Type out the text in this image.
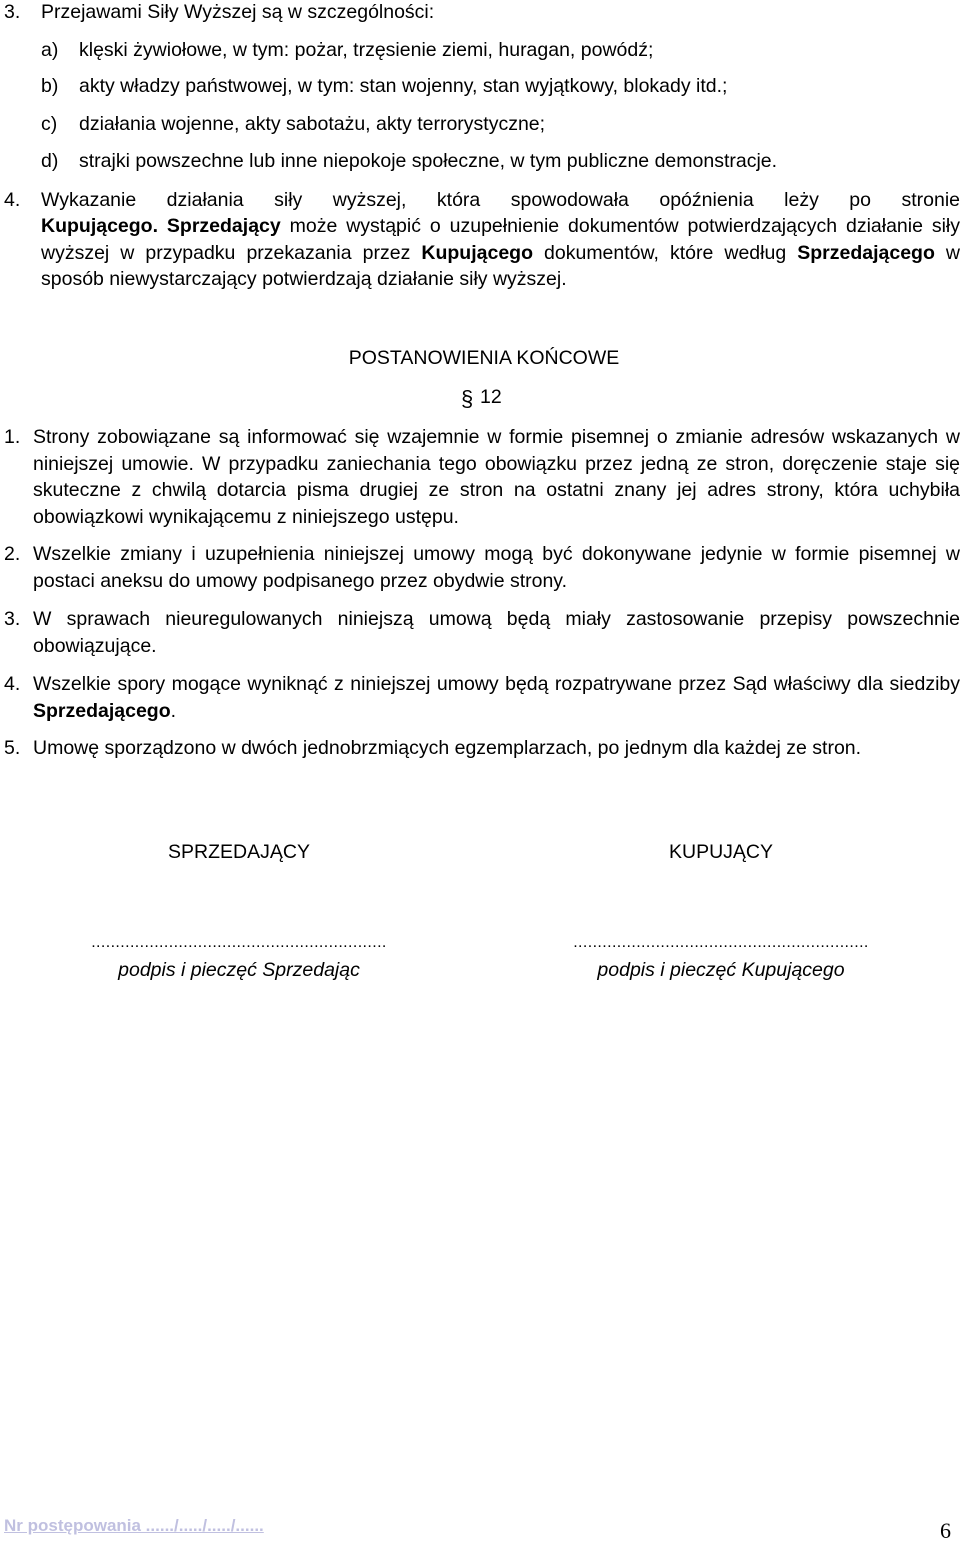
3. Przejawami Siły Wyższej są w szczególności:
a) klęski żywiołowe, w tym: pożar, trzęsienie ziemi, huragan, powódź;
b) akty władzy państwowej, w tym: stan wojenny, stan wyjątkowy, blokady itd.;
c) działania wojenne, akty sabotażu, akty terrorystyczne;
d) strajki powszechne lub inne niepokoje społeczne, w tym publiczne demonstracje.
4. Wykazanie działania siły wyższej, która spowodowała opóźnienia leży po stronie
Kupującego. Sprzedający może wystąpić o uzupełnienie dokumentów potwierdzających działanie siły wyższej w przypadku przekazania przez Kupującego dokumentów, które według Sprzedającego w sposób niewystarczający potwierdzają działanie siły wyższej.
POSTANOWIENIA KOŃCOWE
§ 12
1. Strony zobowiązane są informować się wzajemnie w formie pisemnej o zmianie adresów wskazanych w niniejszej umowie. W przypadku zaniechania tego obowiązku przez jedną ze stron, doręczenie staje się skuteczne z chwilą dotarcia pisma drugiej ze stron na ostatni znany jej adres strony, która uchybiła obowiązkowi wynikającemu z niniejszego ustępu.
2. Wszelkie zmiany i uzupełnienia niniejszej umowy mogą być dokonywane jedynie w formie pisemnej w postaci aneksu do umowy podpisanego przez obydwie strony.
3. W sprawach nieuregulowanych niniejszą umową będą miały zastosowanie przepisy powszechnie obowiązujące.
4. Wszelkie spory mogące wyniknąć z niniejszej umowy będą rozpatrywane przez Sąd właściwy dla siedziby Sprzedającego.
5. Umowę sporządzono w dwóch jednobrzmiących egzemplarzach, po jednym dla każdej ze stron.
SPRZEDAJĄCY	KUPUJĄCY
.............................................................	.............................................................
podpis i pieczęć Sprzedając	podpis i pieczęć Kupującego
Nr postępowania ....../...../...../......	6
